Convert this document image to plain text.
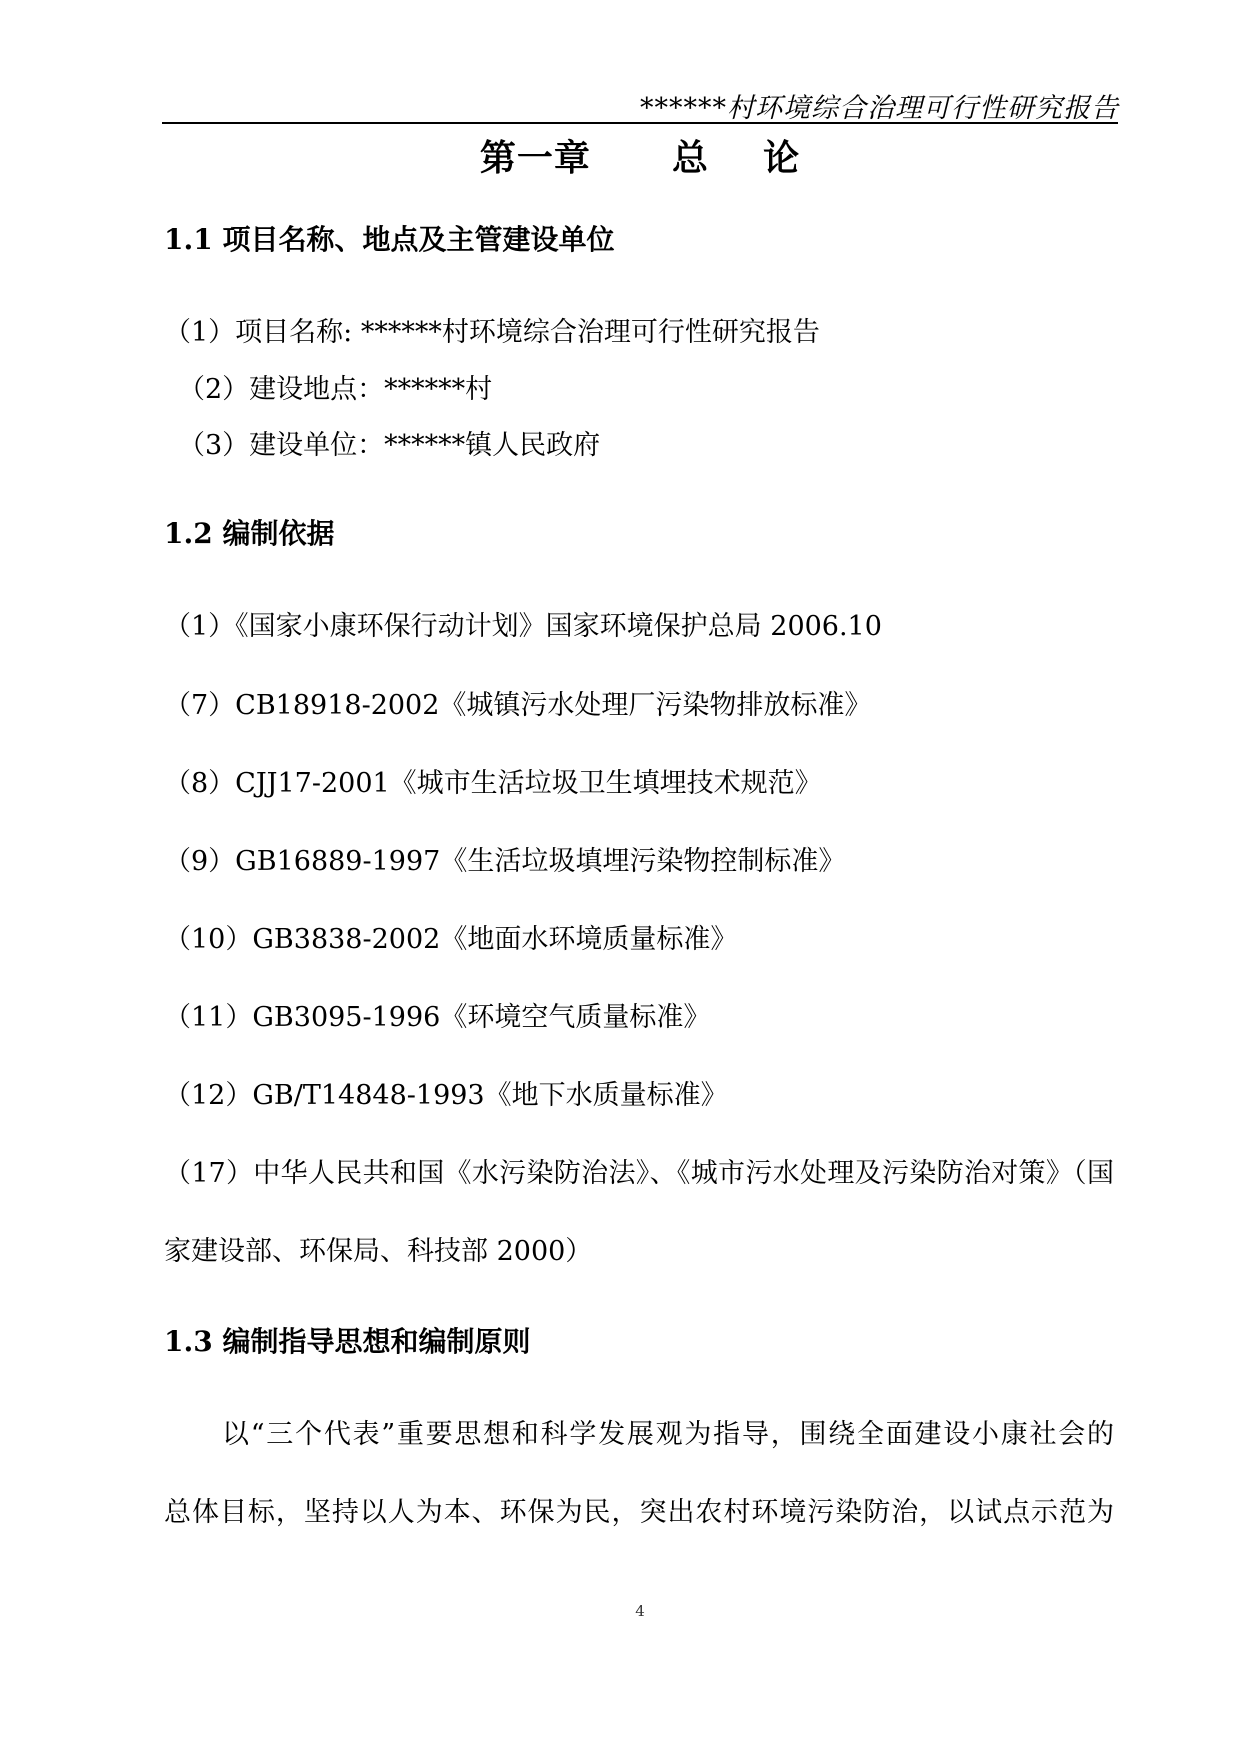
******村环境综合治理可行性研究报告
第一章      总    论
1.1 项目名称、地点及主管建设单位
（1）项目名称: ******村环境综合治理可行性研究报告
（2）建设地点：******村
（3）建设单位：******镇人民政府
1.2 编制依据
（1）《国家小康环保行动计划》国家环境保护总局 2006.10
（7）CB18918-2002《城镇污水处理厂污染物排放标准》
（8）CJJ17-2001《城市生活垃圾卫生填埋技术规范》
（9）GB16889-1997《生活垃圾填埋污染物控制标准》
（10）GB3838-2002《地面水环境质量标准》
（11）GB3095-1996《环境空气质量标准》
（12）GB/T14848-1993《地下水质量标准》
（17）中华人民共和国《水污染防治法》、《城市污水处理及污染防治对策》（国
家建设部、环保局、科技部 2000）
1.3 编制指导思想和编制原则
以“三个代表”重要思想和科学发展观为指导，围绕全面建设小康社会的
总体目标，坚持以人为本、环保为民，突出农村环境污染防治，以试点示范为
4
